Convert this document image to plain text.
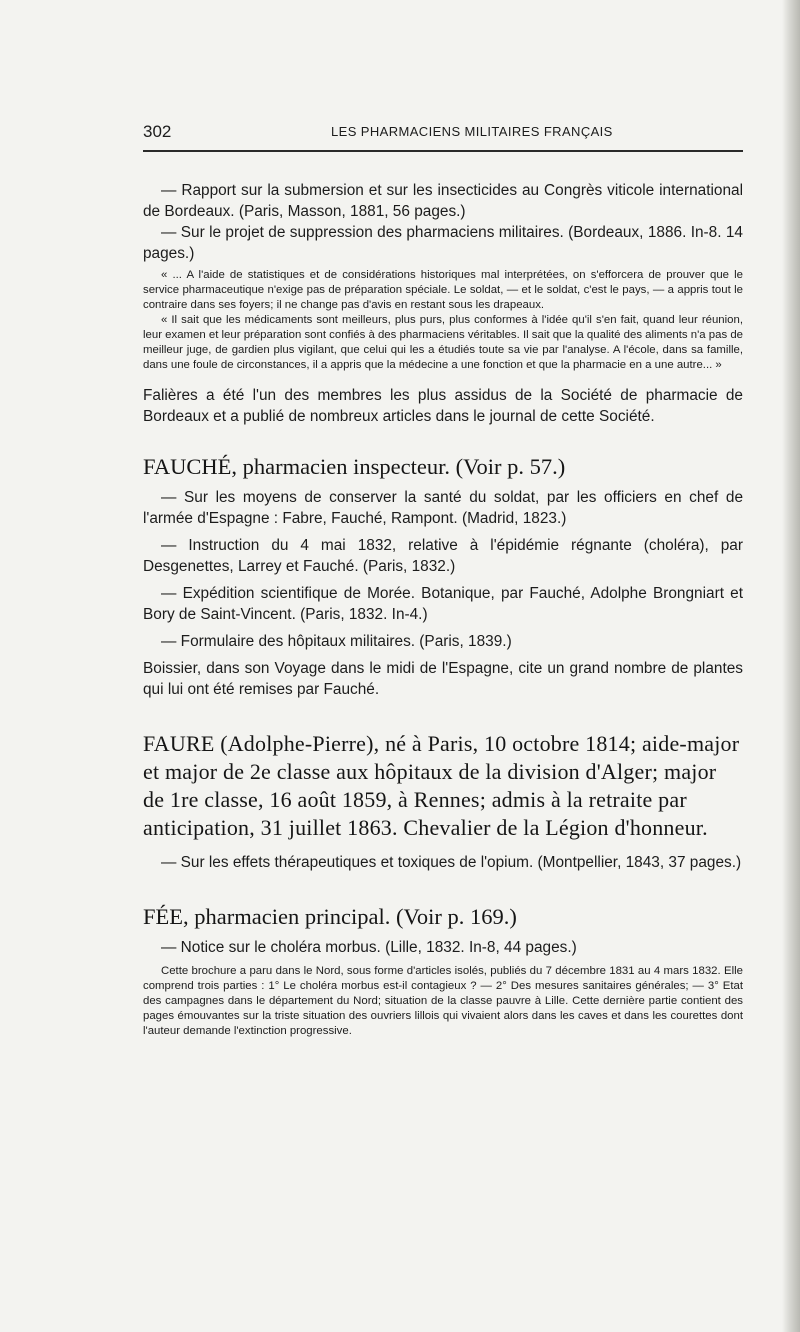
302	LES PHARMACIENS MILITAIRES FRANÇAIS

— Rapport sur la submersion et sur les insecticides au Congrès viticole international de Bordeaux. (Paris, Masson, 1881, 56 pages.)

— Sur le projet de suppression des pharmaciens militaires. (Bordeaux, 1886. In-8. 14 pages.)

« ... A l'aide de statistiques et de considérations historiques mal interprétées, on s'efforcera de prouver que le service pharmaceutique n'exige pas de préparation spéciale. Le soldat, — et le soldat, c'est le pays, — a appris tout le contraire dans ses foyers; il ne change pas d'avis en restant sous les drapeaux.

« Il sait que les médicaments sont meilleurs, plus purs, plus conformes à l'idée qu'il s'en fait, quand leur réunion, leur examen et leur préparation sont confiés à des pharmaciens véritables. Il sait que la qualité des aliments n'a pas de meilleur juge, de gardien plus vigilant, que celui qui les a étudiés toute sa vie par l'analyse. A l'école, dans sa famille, dans une foule de circonstances, il a appris que la médecine a une fonction et que la pharmacie en a une autre... »

Falières a été l'un des membres les plus assidus de la Société de pharmacie de Bordeaux et a publié de nombreux articles dans le journal de cette Société.

FAUCHÉ, pharmacien inspecteur. (Voir p. 57.)

— Sur les moyens de conserver la santé du soldat, par les officiers en chef de l'armée d'Espagne : Fabre, Fauché, Rampont. (Madrid, 1823.)

— Instruction du 4 mai 1832, relative à l'épidémie régnante (choléra), par Desgenettes, Larrey et Fauché. (Paris, 1832.)

— Expédition scientifique de Morée. Botanique, par Fauché, Adolphe Brongniart et Bory de Saint-Vincent. (Paris, 1832. In-4.)

— Formulaire des hôpitaux militaires. (Paris, 1839.)

Boissier, dans son Voyage dans le midi de l'Espagne, cite un grand nombre de plantes qui lui ont été remises par Fauché.

FAURE (Adolphe-Pierre), né à Paris, 10 octobre 1814; aide-major et major de 2e classe aux hôpitaux de la division d'Alger; major de 1re classe, 16 août 1859, à Rennes; admis à la retraite par anticipation, 31 juillet 1863. Chevalier de la Légion d'honneur.

— Sur les effets thérapeutiques et toxiques de l'opium. (Montpellier, 1843, 37 pages.)

FÉE, pharmacien principal. (Voir p. 169.)

— Notice sur le choléra morbus. (Lille, 1832. In-8, 44 pages.)

Cette brochure a paru dans le Nord, sous forme d'articles isolés, publiés du 7 décembre 1831 au 4 mars 1832. Elle comprend trois parties : 1° Le choléra morbus est-il contagieux ? — 2° Des mesures sanitaires générales; — 3° Etat des campagnes dans le département du Nord; situation de la classe pauvre à Lille. Cette dernière partie contient des pages émouvantes sur la triste situation des ouvriers lillois qui vivaient alors dans les caves et dans les courettes dont l'auteur demande l'extinction progressive.
